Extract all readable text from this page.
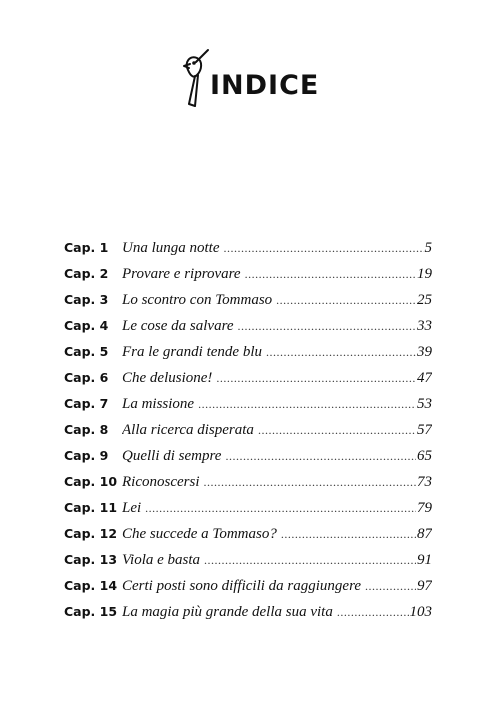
INDICE
Cap. 1 Una lunga notte .....	5
Cap. 2 Provare e riprovare .....	19
Cap. 3 Lo scontro con Tommaso .....	25
Cap. 4 Le cose da salvare .....	33
Cap. 5 Fra le grandi tende blu .....	39
Cap. 6 Che delusione! .....	47
Cap. 7 La missione .....	53
Cap. 8 Alla ricerca disperata .....	57
Cap. 9 Quelli di sempre .....	65
Cap. 10 Riconoscersi .....	73
Cap. 11 Lei .....	79
Cap. 12 Che succede a Tommaso? .....	87
Cap. 13 Viola e basta .....	91
Cap. 14 Certi posti sono difficili da raggiungere .....	97
Cap. 15 La magia più grande della sua vita .....	103
